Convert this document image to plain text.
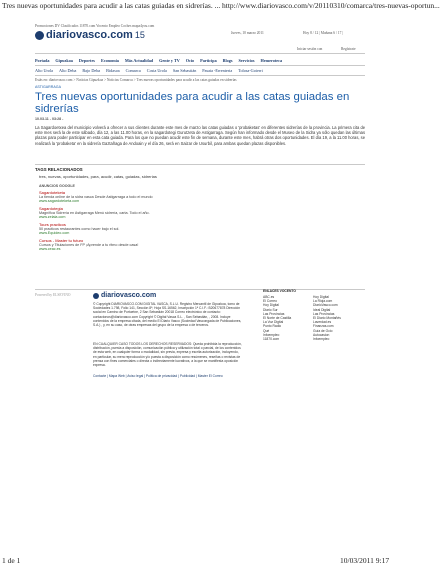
Tres nuevas oportunidades para acudir a las catas guiadas en sidrerías. ... http://www.diariovasco.com/v/20110310/comarca/tres-nuevas-oportun...
Promociones DV Clasificados 11870.com Vocento Empleo Coches mapa4you.com
diariovasco.com 15	Jueves, 10 marzo 2011	Hoy 8 / 12 | Mañana 6 / 17 |
Iniciar sesión con	Regístrate
Portada Gipuzkoa Deportes Economía Más Actualidad Gente y TV Ocio Participa Blogs Servicios Hemeroteca
Alto Urola Alto Deba Bajo Deba Bidasoa Comarca Costa Urola San Sebastián Pasaia -Errenteria Tolosa-Goierri
Estás en: diariovasco.com > Noticias Gipuzkoa > Noticias Comarca > Tres nuevas oportunidades para acudir a las catas guiadas en sidrerías
ASTIGARRAGA
Tres nuevas oportunidades para acudir a las catas guiadas en sidrerías
10.03.11 - 03:28 -
La Sagardoetxea del municipio volverá a ofrecer a sus clientes durante este mes de marzo las catas guiadas o 'probaketas' en diferentes sidrerías de la provincia. La primera cita de este mes será la de este sábado, día 12, a las 11.00 horas, en la sagardotegi Gurutzeta de Astigarraga. Según han informado desde el Museo de la Sidra ya sólo quedan las últimas plazas para poder participar en esta cata guiada. Para los que no puedan acudir este fin de semana, durante este mes, habrá otras dos oportunidades. El día 19, a la 11.00 horas, se realizará la 'probaketa' en la sidrería Gaztañaga de Andoain y el día 26, será en Saizar de Usurbil, para ambas quedan plazas disponibles.
TAGS RELACIONADOS
tres, nuevas, oportunidades, para, acudir, catas, guiadas, sidrerias
ANUNCIOS GOOGLE
Sagardoteketa
La tienda online de la sidra vasca Desde Astigarraga a todo el mundo
www.sagardoteketa.com
Sagardotegia
Magnífica Sidrería en Astigarraga Menú sidrería, carta. Todo el año.
www.zelaia.com
Tours practicos
50 practicos restaurantes como hacer bajo el sol.
www.Equideo.com
Cursos - Master tu futuro
Cursos y Titulaciones de FP ¡Aprende a tu ritmo desde casa!
www.ceac.es
Powered by ELSEVINO	diariovasco.com
© Copyright DIARIOVASCO.COM DIGITAL VASCA, S.L.U. Registro Mercantil de Gipuzkoa, tomo de Sociedades 1.798, Folio 141, Sección 8ª, Hoja SS-16562, Inscripción 1ª C.I.F.: B20677878 Dirección social en Camino de Portuetxe, 2 San Sebastián 20018 Correo electrónico de contacto: contactonos@diariovasco.com Copyright © Digital Vasca S.L. , San Sebastián, , 2008. Incluye contenidos de la empresa citada, del medio El Diario Vasco (Sociedad Vascongada de Publicaciones, S.A.) , y, en su caso, de otras empresas del grupo de la empresa o de terceros.
EN CUALQUIER CASO TODOS LOS DERECHOS RESERVADOS: Queda prohibida la reproducción, distribución, puesta a disposición, comunicación pública y utilización total o parcial, de los contenidos de esta web, en cualquier forma o modalidad, sin previa, expresa y escrita autorización, incluyendo, en particular, su mera reproducción y/o puesta a disposición como resúmenes, reseñas o revistas de prensa con fines comerciales o directa o indirectamente lucrativos, a la que se manifiesta oposición expresa.
Contacte | Mapa Web | Aviso legal | Política de privacidad | Publicidad | Master El Correo
ENLACES VOCENTO
ABC.es
El Correo
Hoy Digital
Diario Sur
Las Provincias
El Norte de Castilla
La Voz Digital
Punto Radio
Qué
Infoempleo
11870.com
Hoy Digital
La Rioja.com
DiarioVasco.com
Ideal Digital
Las Provincias
El Diario Montañés
Laverdad.es
Finanzas.com
Guía de Ocio
Autocasion
Infoempleo
1 de 1	10/03/2011 9:17
